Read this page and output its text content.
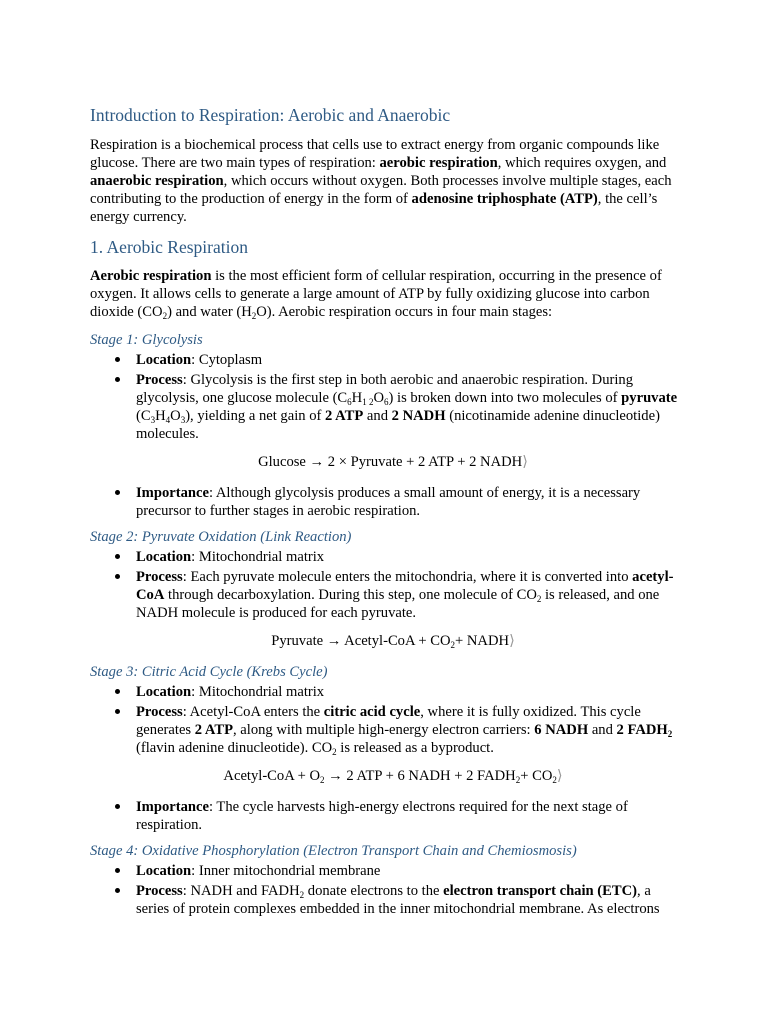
Introduction to Respiration: Aerobic and Anaerobic

Respiration is a biochemical process that cells use to extract energy from organic compounds like glucose. There are two main types of respiration: aerobic respiration, which requires oxygen, and anaerobic respiration, which occurs without oxygen. Both processes involve multiple stages, each contributing to the production of energy in the form of adenosine triphosphate (ATP), the cell’s energy currency.

1. Aerobic Respiration

Aerobic respiration is the most efficient form of cellular respiration, occurring in the presence of oxygen. It allows cells to generate a large amount of ATP by fully oxidizing glucose into carbon dioxide $(CO_2)$ and water $(H_2O)$. Aerobic respiration occurs in four main stages:

Stage 1: Glycolysis
Location: Cytoplasm
Process: Glycolysis is the first step in both aerobic and anaerobic respiration. During glycolysis, one glucose molecule $(C_6H_{1 2}O_6)$ is broken down into two molecules of pyruvate $(C_3H_4O_3)$, yielding a net gain of 2 ATP and 2 NADH (nicotinamide adenine dinucleotide) molecules.
Glucose → 2 × Pyruvate + 2 ATP + 2 NADH⟩
Importance: Although glycolysis produces a small amount of energy, it is a necessary precursor to further stages in aerobic respiration.
Stage 2: Pyruvate Oxidation (Link Reaction)
Location: Mitochondrial matrix
Process: Each pyruvate molecule enters the mitochondria, where it is converted into acetyl-CoA through decarboxylation. During this step, one molecule of $CO_2$ is released, and one NADH molecule is produced for each pyruvate.
Pyruvate → Acetyl-CoA + $CO_2+$ NADH⟩
Stage 3: Citric Acid Cycle (Krebs Cycle)
Location: Mitochondrial matrix
Process: Acetyl-CoA enters the citric acid cycle, where it is fully oxidized. This cycle generates 2 ATP, along with multiple high-energy electron carriers: 6 NADH and 2 $FADH_2$ (flavin adenine dinucleotide). $CO_2$ is released as a byproduct.
Acetyl-CoA + $O_2 \to 2$ ATP + 6 NADH + 2 $FADH_2+$ $CO_2⟩$
Importance: The cycle harvests high-energy electrons required for the next stage of respiration.
Stage 4: Oxidative Phosphorylation (Electron Transport Chain and Chemiosmosis)
Location: Inner mitochondrial membrane
Process: NADH and $FADH_2$ donate electrons to the electron transport chain (ETC), a series of protein complexes embedded in the inner mitochondrial membrane. As electrons
